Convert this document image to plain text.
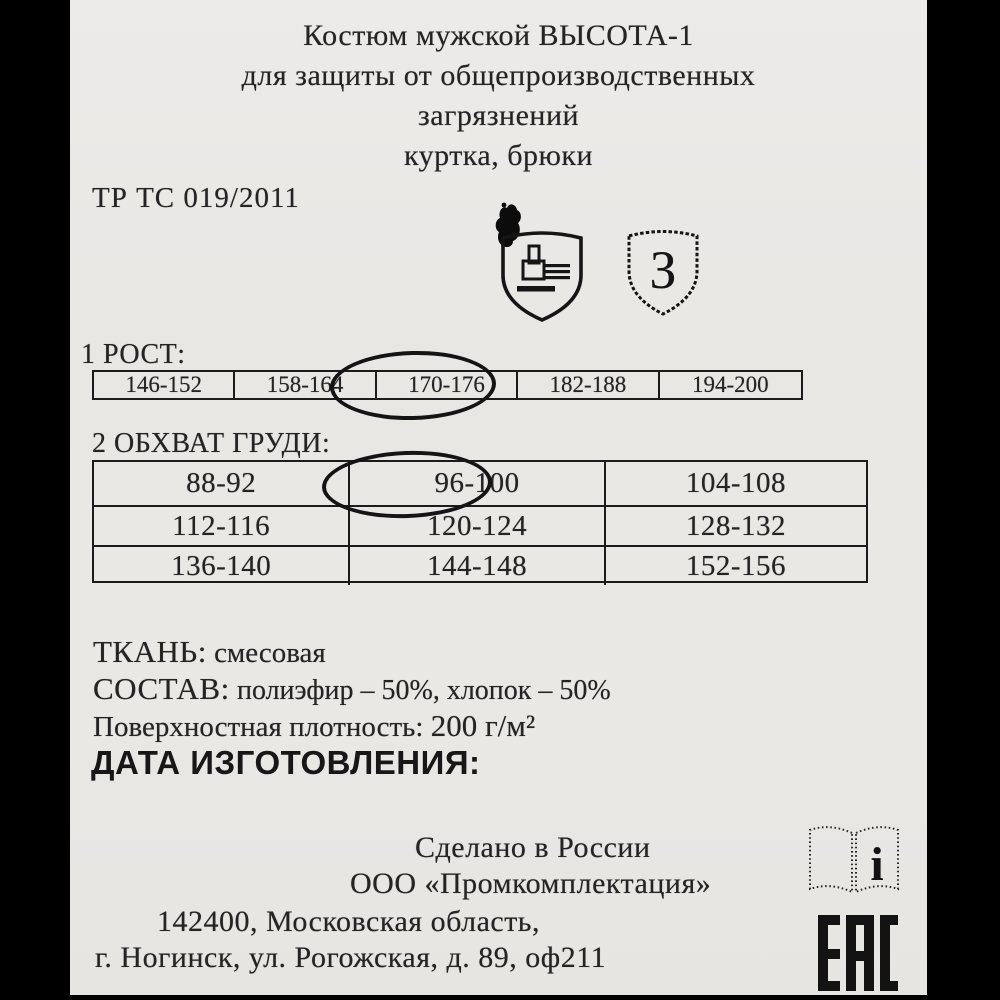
Костюм мужской ВЫСОТА-1
для защиты от общепроизводственных
загрязнений
куртка, брюки
ТР ТС 019/2011
З
1 РОСТ:
146-152	158-164	170-176	182-188	194-200
2 ОБХВАТ ГРУДИ:
88-92	96-100	104-108
112-116	120-124	128-132
136-140	144-148	152-156
ТКАНЬ: смесовая
СОСТАВ: полиэфир – 50%, хлопок – 50%
Поверхностная плотность: 200 г/м²
ДАТА ИЗГОТОВЛЕНИЯ:
Сделано в России
ООО «Промкомплектация»
142400, Московская область,
г. Ногинск, ул. Рогожская, д. 89, оф211
i
